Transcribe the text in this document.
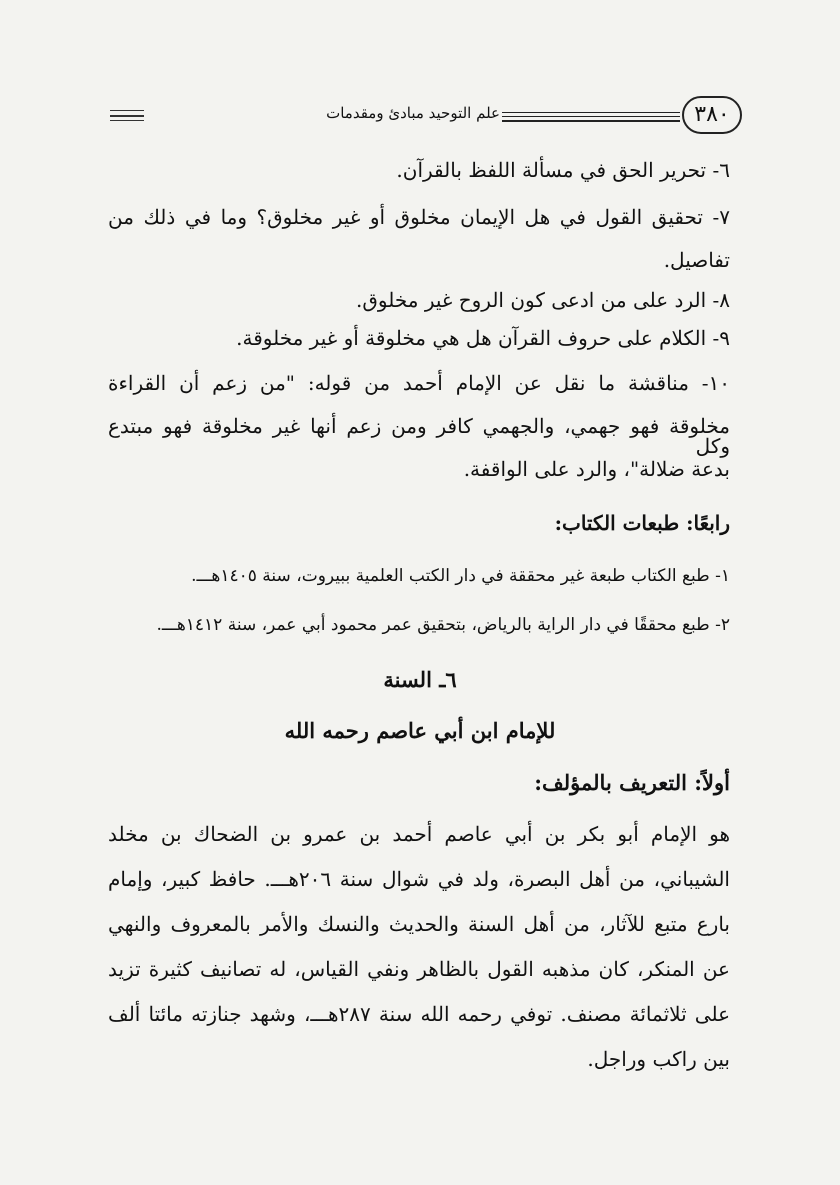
٣٨٠
علم التوحيد مبادئ ومقدمات
٦- تحرير الحق في مسألة اللفظ بالقرآن.
٧- تحقيق القول في هل الإيمان مخلوق أو غير مخلوق؟ وما في ذلك من
تفاصيل.
٨- الرد على من ادعى كون الروح غير مخلوق.
٩- الكلام على حروف القرآن هل هي مخلوقة أو غير مخلوقة.
١٠- مناقشة ما نقل عن الإمام أحمد من قوله: "من زعم أن القراءة
مخلوقة فهو جهمي، والجهمي كافر ومن زعم أنها غير مخلوقة فهو مبتدع وكل
بدعة ضلالة"، والرد على الواقفة.
رابعًا: طبعات الكتاب:
١- طبع الكتاب طبعة غير محققة في دار الكتب العلمية ببيروت، سنة ١٤٠٥هـــ.
٢- طبع محققًا في دار الراية بالرياض، بتحقيق عمر محمود أبي عمر، سنة ١٤١٢هـــ.
٦ـ السنة
للإمام ابن أبي عاصم رحمه الله
أولاً: التعريف بالمؤلف:
هو الإمام أبو بكر بن أبي عاصم أحمد بن عمرو بن الضحاك بن مخلد
الشيباني، من أهل البصرة، ولد في شوال سنة ٢٠٦هـــ. حافظ كبير، وإمام
بارع متبع للآثار، من أهل السنة والحديث والنسك والأمر بالمعروف والنهي
عن المنكر، كان مذهبه القول بالظاهر ونفي القياس، له تصانيف كثيرة تزيد
على ثلاثمائة مصنف. توفي رحمه الله سنة ٢٨٧هـــ، وشهد جنازته مائتا ألف
بين راكب وراجل.
